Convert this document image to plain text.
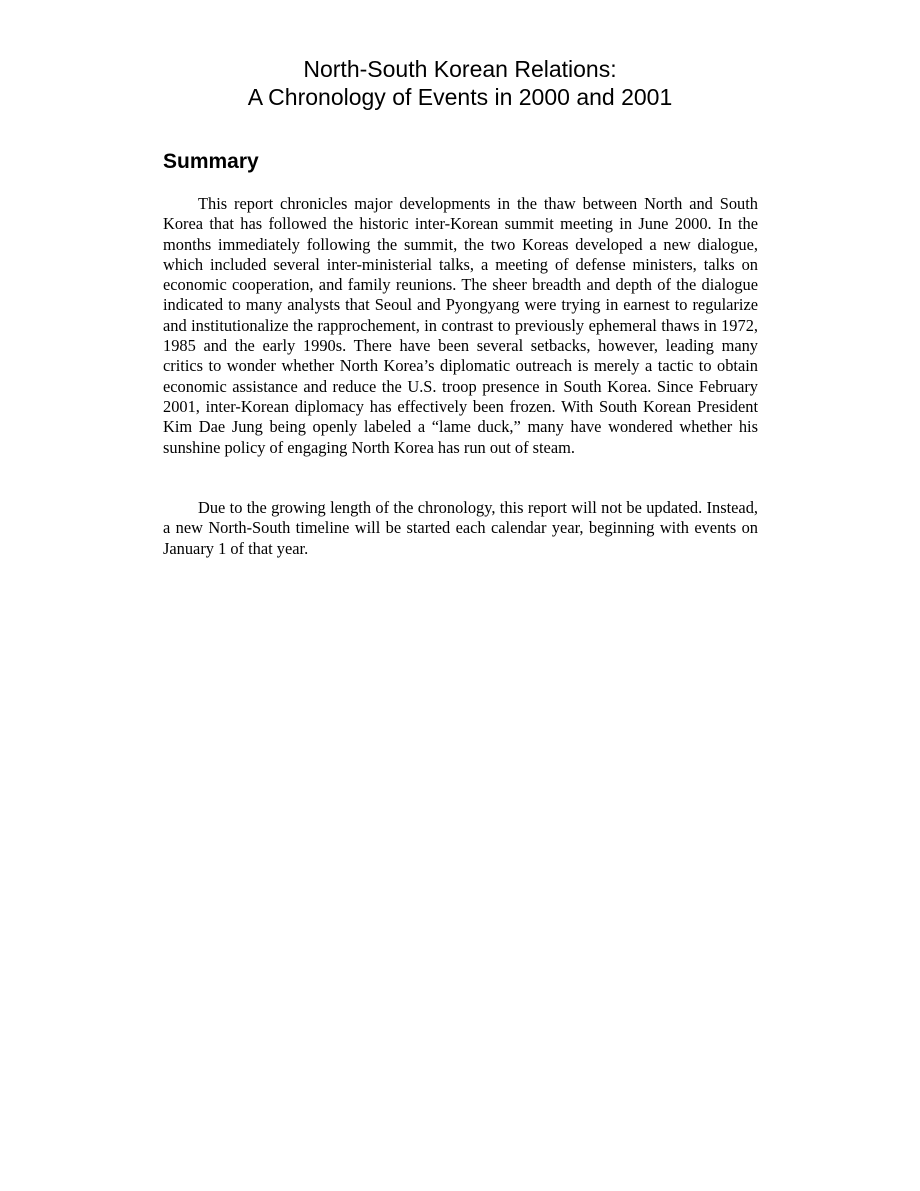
North-South Korean Relations:
A Chronology of Events in 2000 and 2001
Summary

This report chronicles major developments in the thaw between North and South Korea that has followed the historic inter-Korean summit meeting in June 2000. In the months immediately following the summit, the two Koreas developed a new dialogue, which included several inter-ministerial talks, a meeting of defense ministers, talks on economic cooperation, and family reunions. The sheer breadth and depth of the dialogue indicated to many analysts that Seoul and Pyongyang were trying in earnest to regularize and institutionalize the rapprochement, in contrast to previously ephemeral thaws in 1972, 1985 and the early 1990s. There have been several setbacks, however, leading many critics to wonder whether North Korea’s diplomatic outreach is merely a tactic to obtain economic assistance and reduce the U.S. troop presence in South Korea. Since February 2001, inter-Korean diplomacy has effectively been frozen. With South Korean President Kim Dae Jung being openly labeled a “lame duck,” many have wondered whether his sunshine policy of engaging North Korea has run out of steam.

Due to the growing length of the chronology, this report will not be updated. Instead, a new North-South timeline will be started each calendar year, beginning with events on January 1 of that year.
